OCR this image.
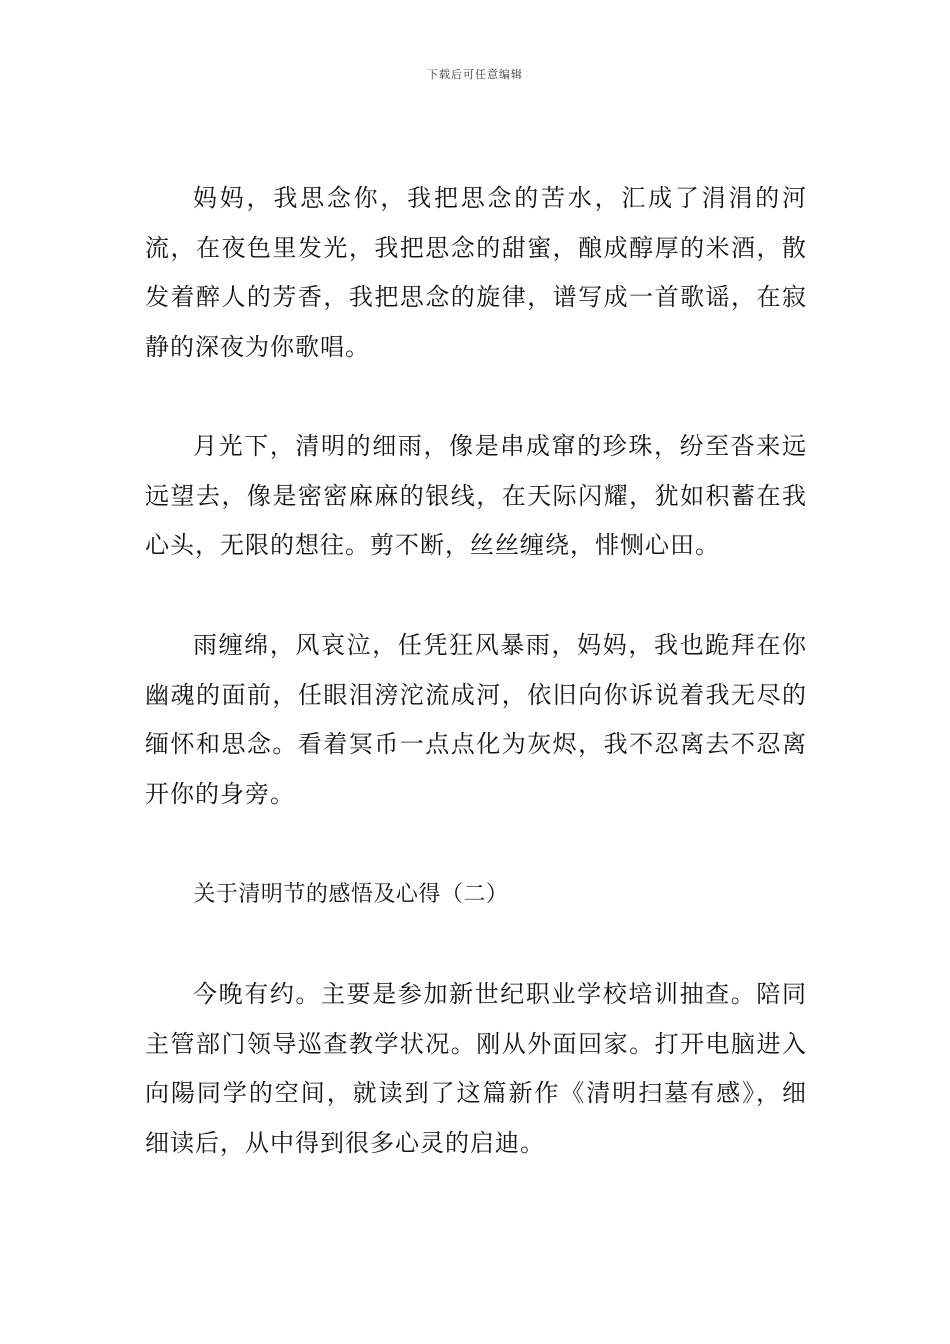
下载后可任意编辑

妈妈，我思念你，我把思念的苦水，汇成了涓涓的河流，在夜色里发光，我把思念的甜蜜，酿成醇厚的米酒，散发着醉人的芳香，我把思念的旋律，谱写成一首歌谣，在寂静的深夜为你歌唱。

月光下，清明的细雨，像是串成窜的珍珠，纷至沓来远远望去，像是密密麻麻的银线，在天际闪耀，犹如积蓄在我心头，无限的想往。剪不断，丝丝缠绕，悱恻心田。

雨缠绵，风哀泣，任凭狂风暴雨，妈妈，我也跪拜在你幽魂的面前，任眼泪滂沱流成河，依旧向你诉说着我无尽的缅怀和思念。看着冥币一点点化为灰烬，我不忍离去不忍离开你的身旁。

关于清明节的感悟及心得（二）

今晚有约。主要是参加新世纪职业学校培训抽查。陪同主管部门领导巡查教学状况。刚从外面回家。打开电脑进入向陽同学的空间，就读到了这篇新作《清明扫墓有感》，细细读后，从中得到很多心灵的启迪。
